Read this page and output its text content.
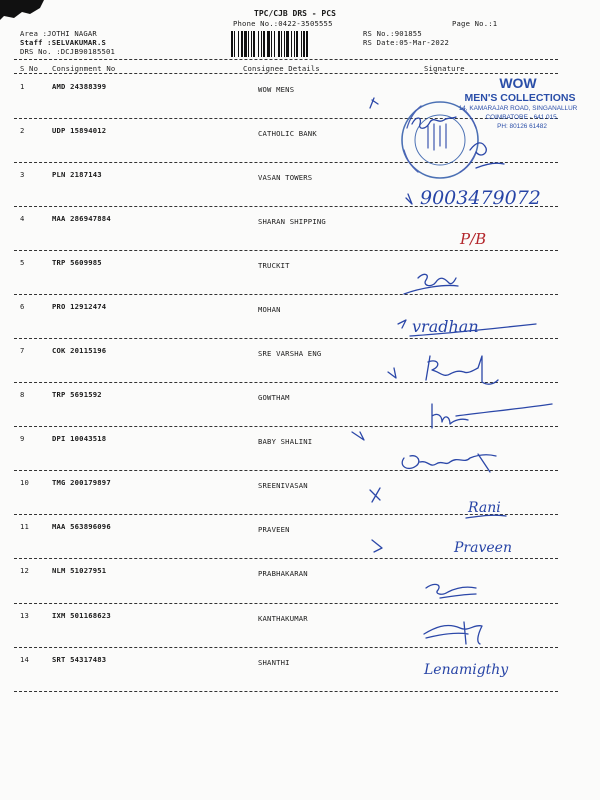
TPC/CJB DRS - PCS
Phone No.:0422-3505555	Page No.:1
Area :JOTHI NAGAR
Staff :SELVAKUMAR.S
DRS No. :DCJB90185501
RS No.:901855
RS Date:05-Mar-2022
S No Consignment No	Consignee Details	Signature
1	AMD 24388399	WOW MENS
2	UDP 15894012	CATHOLIC BANK
3	PLN 2187143	VASAN TOWERS
4	MAA 286947884	SHARAN SHIPPING
5	TRP 5609985	TRUCKIT
6	PRO 12912474	MOHAN
7	COK 20115196	SRE VARSHA ENG
8	TRP 5691592	GOWTHAM
9	DPI 10043518	BABY SHALINI
10	TMG 200179897	SREENIVASAN
11	MAA 563896096	PRAVEEN
12	NLM 51027951	PRABHAKARAN
13	IXM 501168623	KANTHAKUMAR
14	SRT 54317483	SHANTHI
WOW
MEN'S COLLECTIONS
14, KAMARAJAR ROAD, SINGANALLUR
COIMBATORE - 641 015.
PH: 80126 61482
9003479072
P/B
vradhan
Rani
Praveen
Lenamigthy
